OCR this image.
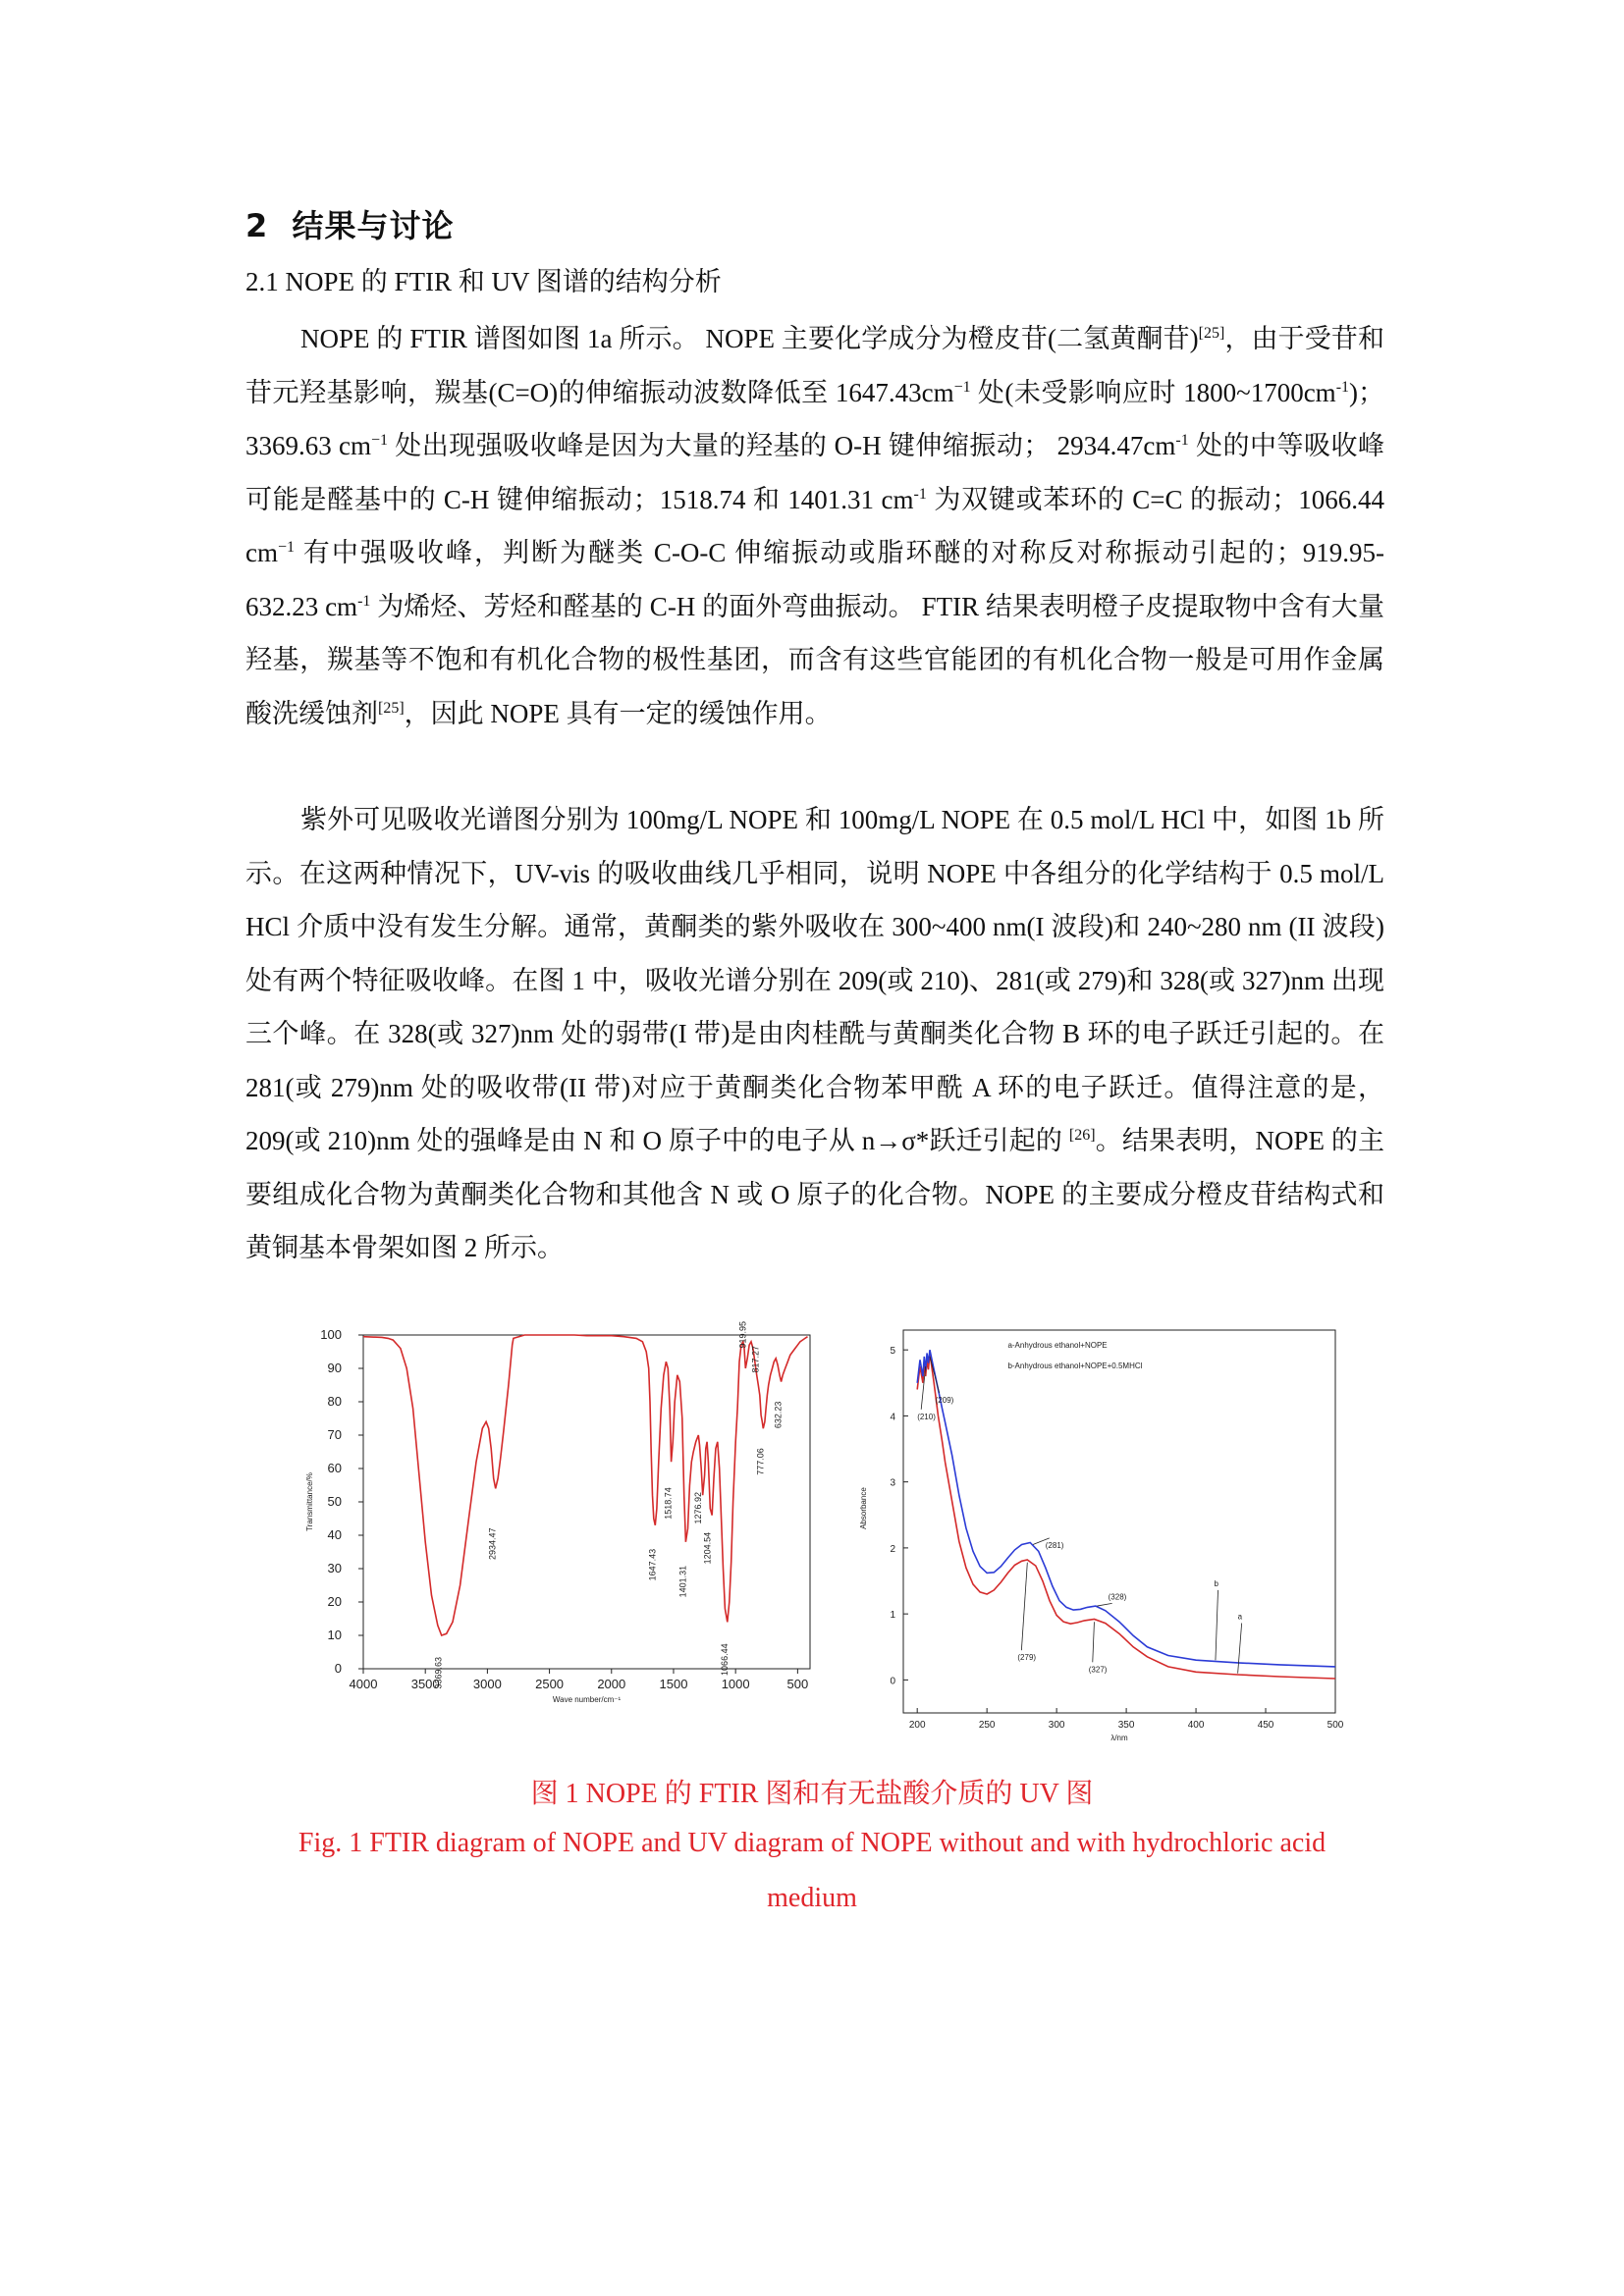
2 结果与讨论
2.1 NOPE 的 FTIR 和 UV 图谱的结构分析

NOPE 的 FTIR 谱图如图 1a 所示。 NOPE 主要化学成分为橙皮苷(二氢黄酮苷)[25]，由于受苷和苷元羟基影响，羰基(C=O)的伸缩振动波数降低至 $1647.43cm^{-1}$ 处(未受影响应时 $1800\sim 1700cm^{-1}$)； 3369.63 $cm^{-1}$ 处出现强吸收峰是因为大量的羟基的 O-H 键伸缩振动； $2934.47cm^{-1}$ 处的中等吸收峰可能是醛基中的 C-H 键伸缩振动；1518.74 和 1401.31 $cm^{-1}$ 为双键或苯环的 C=C 的振动；1066.44 $cm^{-1}$ 有中强吸收峰，判断为醚类 C-O-C 伸缩振动或脂环醚的对称反对称振动引起的；919.95-632.23 $cm^{-1}$ 为烯烃、芳烃和醛基的 C-H 的面外弯曲振动。 FTIR 结果表明橙子皮提取物中含有大量羟基，羰基等不饱和有机化合物的极性基团，而含有这些官能团的有机化合物一般是可用作金属酸洗缓蚀剂[25]，因此 NOPE 具有一定的缓蚀作用。

紫外可见吸收光谱图分别为 100mg/L NOPE 和 100mg/L NOPE 在 0.5 mol/L HCl 中，如图 1b 所示。在这两种情况下，UV-vis 的吸收曲线几乎相同，说明 NOPE 中各组分的化学结构于 0.5 mol/L HCl 介质中没有发生分解。通常，黄酮类的紫外吸收在 300~400 nm(I 波段)和 240~280 nm (II 波段)处有两个特征吸收峰。在图 1 中，吸收光谱分别在 209(或 210)、281(或 279)和 328(或 327)nm 出现三个峰。在 328(或 327)nm 处的弱带(I 带)是由肉桂酰与黄酮类化合物 B 环的电子跃迁引起的。在 281(或 279)nm 处的吸收带(II 带)对应于黄酮类化合物苯甲酰 A 环的电子跃迁。值得注意的是，209(或 210)nm 处的强峰是由 N 和 O 原子中的电子从 n→σ*跃迁引起的 [26]。结果表明，NOPE 的主要组成化合物为黄酮类化合物和其他含 N 或 O 原子的化合物。NOPE 的主要成分橙皮苷结构式和黄铜基本骨架如图 2 所示。

4000	3500	3000	2500	2000	1500	1000	500
0
10
20
30
40
50
60
70
80
90
100
Wave number/cm⁻¹
Transmittance/%
3369.63
2934.47
1647.43
1518.74
1401.31
1276.92
1204.54
1066.44
919.95
817.27
777.06
632.23
200	250	300	350	400	450	500
0
1
2
3
4
5
λ/nm
Absorbance
a-Anhydrous ethanol+NOPE
b-Anhydrous ethanol+NOPE+0.5MHCl
(210)
(209)
(281)
(328)
(279)
(327)
b
a
图 1 NOPE 的 FTIR 图和有无盐酸介质的 UV 图
Fig. 1 FTIR diagram of NOPE and UV diagram of NOPE without and with hydrochloric acid
medium
